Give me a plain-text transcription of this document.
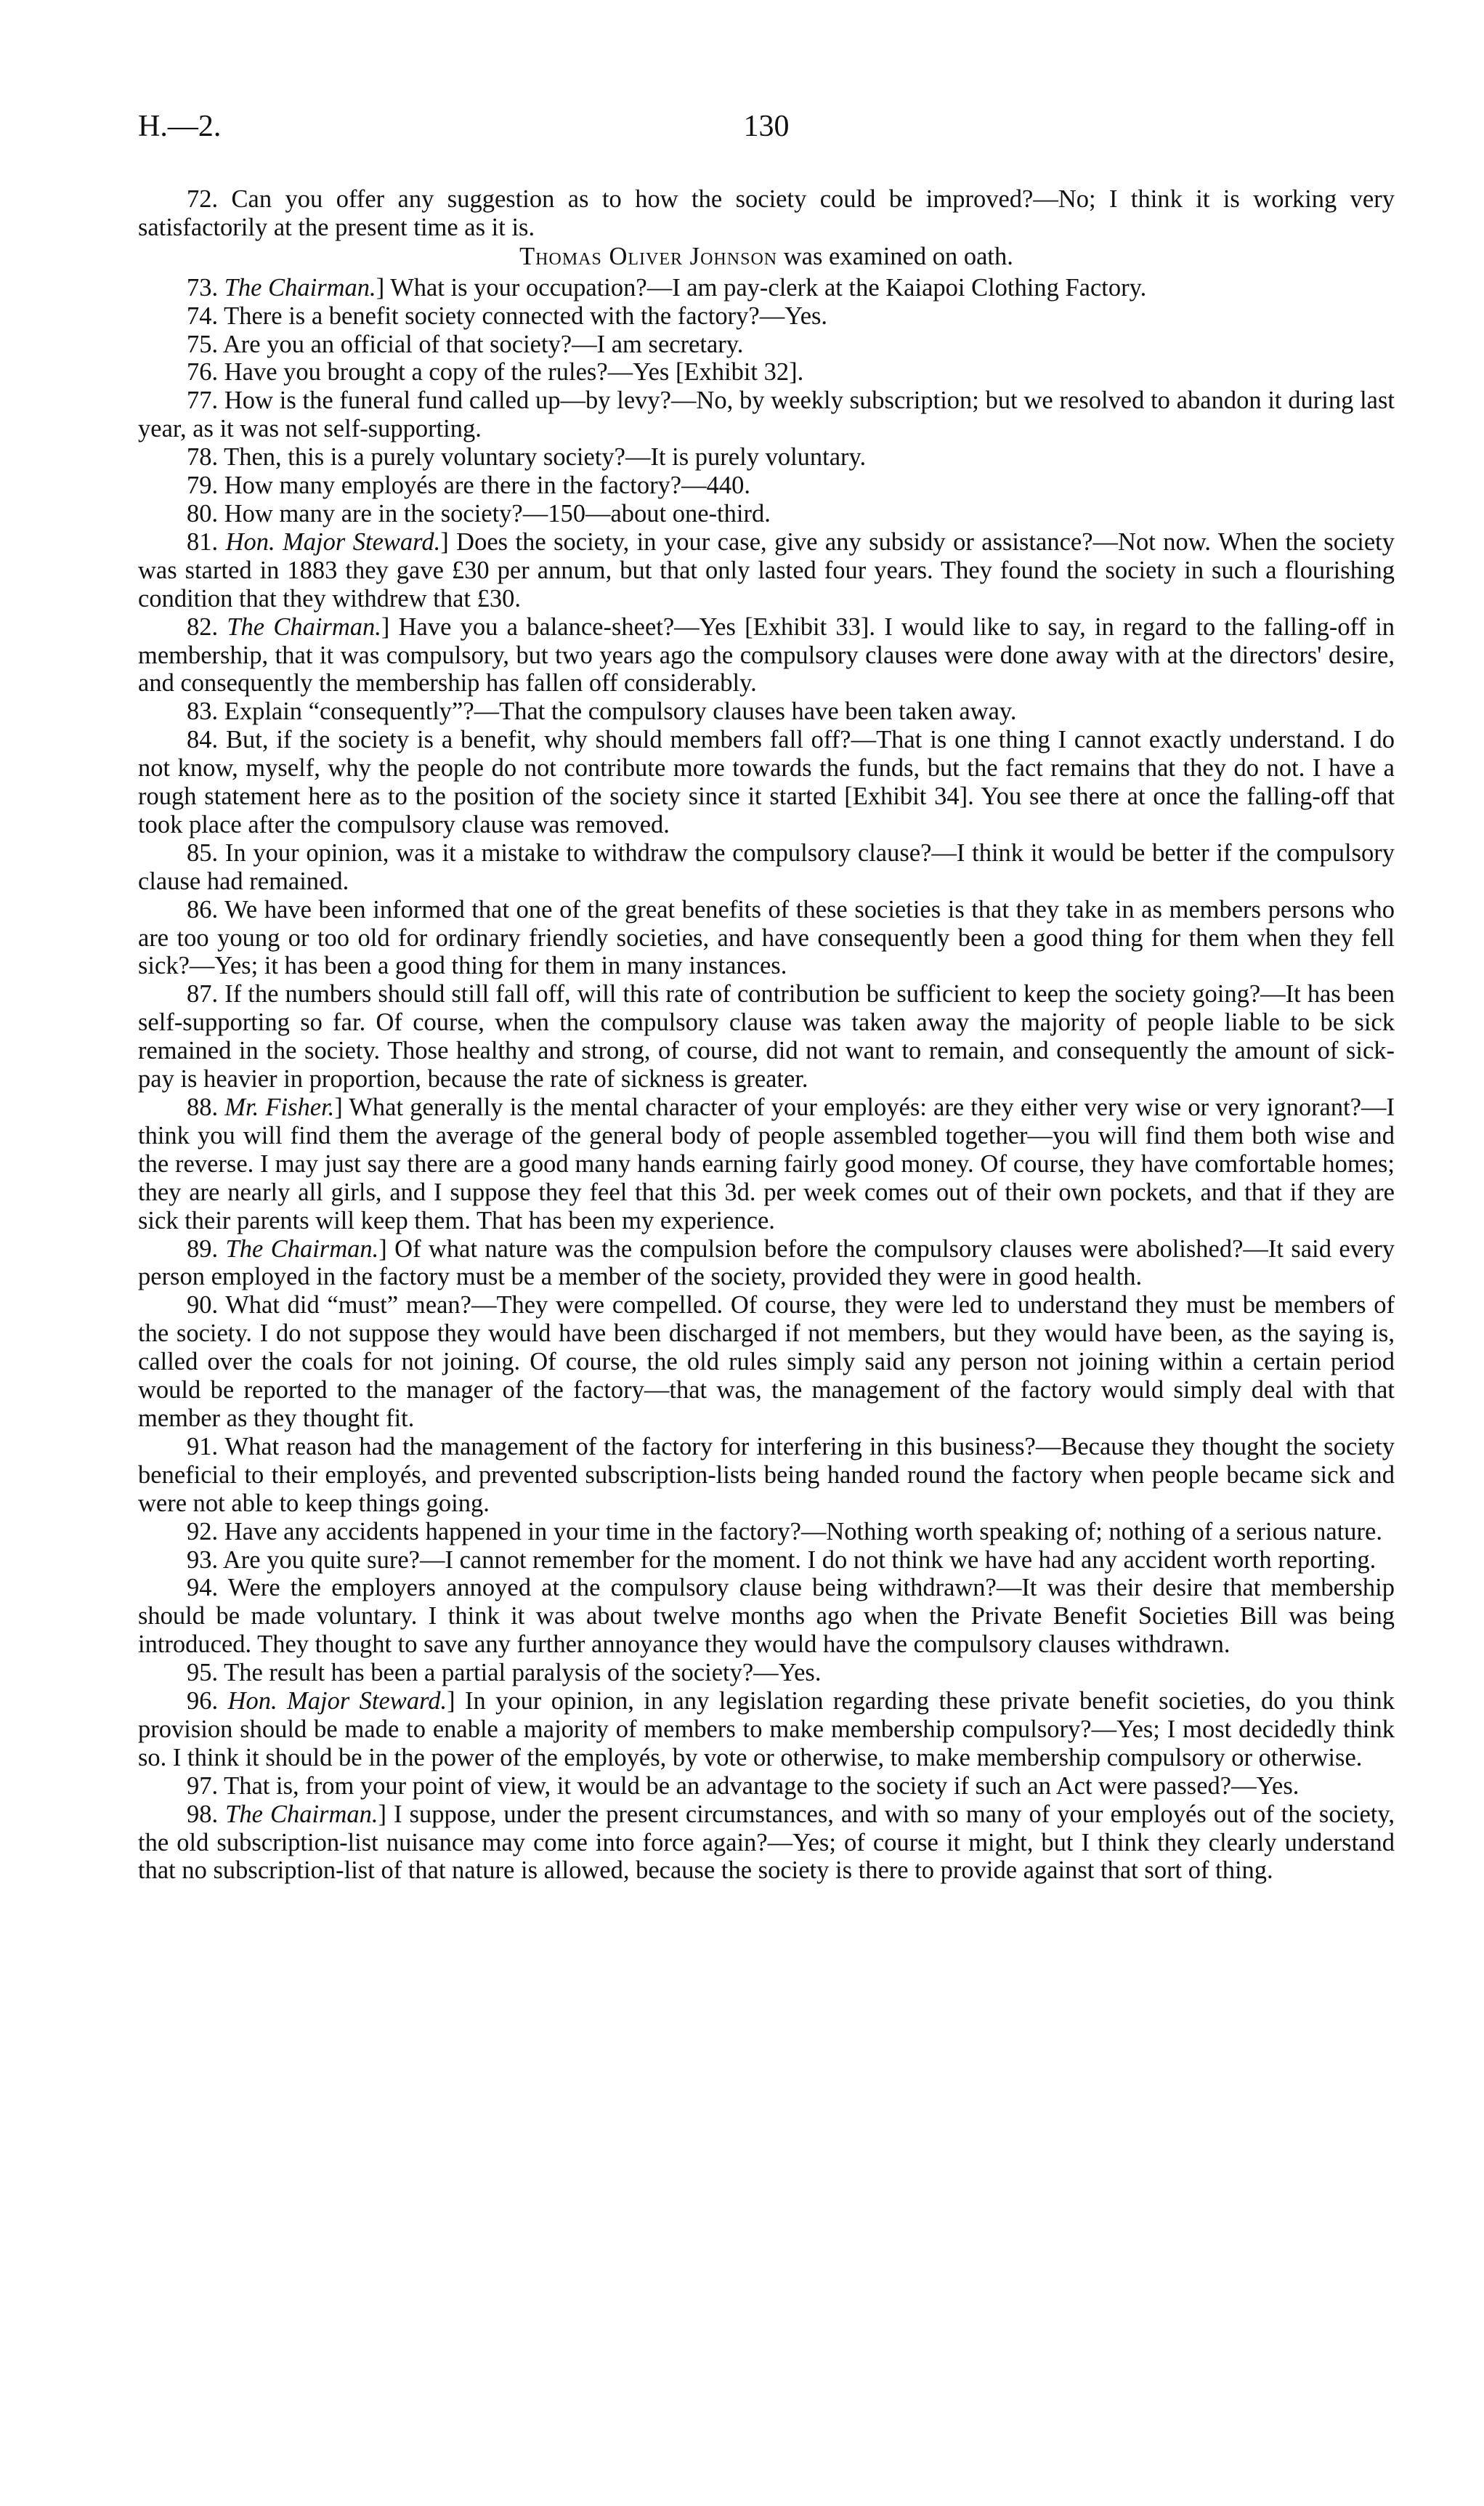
H.—2.	130

72. Can you offer any suggestion as to how the society could be improved?—No; I think it is working very satisfactorily at the present time as it is.

Thomas Oliver Johnson was examined on oath.

73. The Chairman.] What is your occupation?—I am pay-clerk at the Kaiapoi Clothing Factory.

74. There is a benefit society connected with the factory?—Yes.

75. Are you an official of that society?—I am secretary.

76. Have you brought a copy of the rules?—Yes [Exhibit 32].

77. How is the funeral fund called up—by levy?—No, by weekly subscription; but we resolved to abandon it during last year, as it was not self-supporting.

78. Then, this is a purely voluntary society?—It is purely voluntary.

79. How many employés are there in the factory?—440.

80. How many are in the society?—150—about one-third.

81. Hon. Major Steward.] Does the society, in your case, give any subsidy or assistance?—Not now. When the society was started in 1883 they gave £30 per annum, but that only lasted four years. They found the society in such a flourishing condition that they withdrew that £30.

82. The Chairman.] Have you a balance-sheet?—Yes [Exhibit 33]. I would like to say, in regard to the falling-off in membership, that it was compulsory, but two years ago the compulsory clauses were done away with at the directors' desire, and consequently the membership has fallen off considerably.

83. Explain “consequently”?—That the compulsory clauses have been taken away.

84. But, if the society is a benefit, why should members fall off?—That is one thing I cannot exactly understand. I do not know, myself, why the people do not contribute more towards the funds, but the fact remains that they do not. I have a rough statement here as to the position of the society since it started [Exhibit 34]. You see there at once the falling-off that took place after the compulsory clause was removed.

85. In your opinion, was it a mistake to withdraw the compulsory clause?—I think it would be better if the compulsory clause had remained.

86. We have been informed that one of the great benefits of these societies is that they take in as members persons who are too young or too old for ordinary friendly societies, and have consequently been a good thing for them when they fell sick?—Yes; it has been a good thing for them in many instances.

87. If the numbers should still fall off, will this rate of contribution be sufficient to keep the society going?—It has been self-supporting so far. Of course, when the compulsory clause was taken away the majority of people liable to be sick remained in the society. Those healthy and strong, of course, did not want to remain, and consequently the amount of sick-pay is heavier in proportion, because the rate of sickness is greater.

88. Mr. Fisher.] What generally is the mental character of your employés: are they either very wise or very ignorant?—I think you will find them the average of the general body of people assembled together—you will find them both wise and the reverse. I may just say there are a good many hands earning fairly good money. Of course, they have comfortable homes; they are nearly all girls, and I suppose they feel that this 3d. per week comes out of their own pockets, and that if they are sick their parents will keep them. That has been my experience.

89. The Chairman.] Of what nature was the compulsion before the compulsory clauses were abolished?—It said every person employed in the factory must be a member of the society, provided they were in good health.

90. What did “must” mean?—They were compelled. Of course, they were led to understand they must be members of the society. I do not suppose they would have been discharged if not members, but they would have been, as the saying is, called over the coals for not joining. Of course, the old rules simply said any person not joining within a certain period would be reported to the manager of the factory—that was, the management of the factory would simply deal with that member as they thought fit.

91. What reason had the management of the factory for interfering in this business?—Because they thought the society beneficial to their employés, and prevented subscription-lists being handed round the factory when people became sick and were not able to keep things going.

92. Have any accidents happened in your time in the factory?—Nothing worth speaking of; nothing of a serious nature.

93. Are you quite sure?—I cannot remember for the moment. I do not think we have had any accident worth reporting.

94. Were the employers annoyed at the compulsory clause being withdrawn?—It was their desire that membership should be made voluntary. I think it was about twelve months ago when the Private Benefit Societies Bill was being introduced. They thought to save any further annoyance they would have the compulsory clauses withdrawn.

95. The result has been a partial paralysis of the society?—Yes.

96. Hon. Major Steward.] In your opinion, in any legislation regarding these private benefit societies, do you think provision should be made to enable a majority of members to make membership compulsory?—Yes; I most decidedly think so. I think it should be in the power of the employés, by vote or otherwise, to make membership compulsory or otherwise.

97. That is, from your point of view, it would be an advantage to the society if such an Act were passed?—Yes.

98. The Chairman.] I suppose, under the present circumstances, and with so many of your employés out of the society, the old subscription-list nuisance may come into force again?—Yes; of course it might, but I think they clearly understand that no subscription-list of that nature is allowed, because the society is there to provide against that sort of thing.
